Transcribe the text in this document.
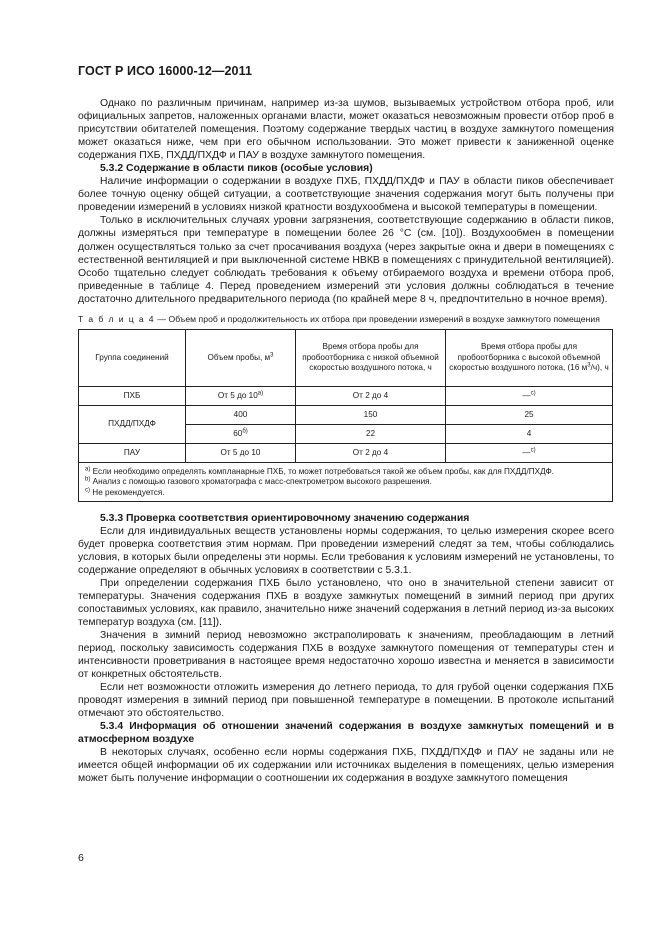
ГОСТ Р ИСО 16000-12—2011

Однако по различным причинам, например из-за шумов, вызываемых устройством отбора проб, или официальных запретов, наложенных органами власти, может оказаться невозможным провести отбор проб в присутствии обитателей помещения. Поэтому содержание твердых частиц в воздухе замкнутого помещения может оказаться ниже, чем при его обычном использовании. Это может привести к заниженной оценке содержания ПХБ, ПХДД/ПХДФ и ПАУ в воздухе замкнутого помещения.

5.3.2 Содержание в области пиков (особые условия)

Наличие информации о содержании в воздухе ПХБ, ПХДД/ПХДФ и ПАУ в области пиков обеспечивает более точную оценку общей ситуации, а соответствующие значения содержания могут быть получены при проведении измерений в условиях низкой кратности воздухообмена и высокой температуры в помещении.

Только в исключительных случаях уровни загрязнения, соответствующие содержанию в области пиков, должны измеряться при температуре в помещении более 26 °С (см. [10]). Воздухообмен в помещении должен осуществляться только за счет просачивания воздуха (через закрытые окна и двери в помещениях с естественной вентиляцией и при выключенной системе НВКВ в помещениях с принудительной вентиляцией). Особо тщательно следует соблюдать требования к объему отбираемого воздуха и времени отбора проб, приведенные в таблице 4. Перед проведением измерений эти условия должны соблюдаться в течение достаточно длительного предварительного периода (по крайней мере 8 ч, предпочтительно в ночное время).

Т а б л и ц а 4 — Объем проб и продолжительность их отбора при проведении измерений в воздухе замкнутого помещения

Группа соединений	Объем пробы, $м^3$	Время отбора пробы для пробоотборника с низкой объемной скоростью воздушного потока, ч	Время отбора пробы для пробоотборника с высокой объемной скоростью воздушного потока, (16 $м^3/ч$), ч
ПХБ	От 5 до $10^{а)}$	От 2 до 4	—$^{с)}$
ПХДД/ПХДФ	400	150	25
	$60^{б)}$	22	4
ПАУ	От 5 до 10	От 2 до 4	—$^{с)}$

$^{а)}$ Если необходимо определять компланарные ПХБ, то может потребоваться такой же объем пробы, как для ПХДД/ПХДФ.
$^{b)}$ Анализ с помощью газового хроматографа с масс-спектрометром высокого разрешения.
$^{с)}$ Не рекомендуется.			

5.3.3 Проверка соответствия ориентировочному значению содержания

Если для индивидуальных веществ установлены нормы содержания, то целью измерения скорее всего будет проверка соответствия этим нормам. При проведении измерений следят за тем, чтобы соблюдались условия, в которых были определены эти нормы. Если требования к условиям измерений не установлены, то содержание определяют в обычных условиях в соответствии с 5.3.1.

При определении содержания ПХБ было установлено, что оно в значительной степени зависит от температуры. Значения содержания ПХБ в воздухе замкнутых помещений в зимний период при других сопоставимых условиях, как правило, значительно ниже значений содержания в летний период из-за высоких температур воздуха (см. [11]).

Значения в зимний период невозможно экстраполировать к значениям, преобладающим в летний период, поскольку зависимость содержания ПХБ в воздухе замкнутого помещения от температуры стен и интенсивности проветривания в настоящее время недостаточно хорошо известна и меняется в зависимости от конкретных обстоятельств.

Если нет возможности отложить измерения до летнего периода, то для грубой оценки содержания ПХБ проводят измерения в зимний период при повышенной температуре в помещении. В протоколе испытаний отмечают это обстоятельство.

5.3.4 Информация об отношении значений содержания в воздухе замкнутых помещений и в атмосферном воздухе

В некоторых случаях, особенно если нормы содержания ПХБ, ПХДД/ПХДФ и ПАУ не заданы или не имеется общей информации об их содержании или источниках выделения в помещениях, целью измерения может быть получение информации о соотношении их содержания в воздухе замкнутого помещения

6
